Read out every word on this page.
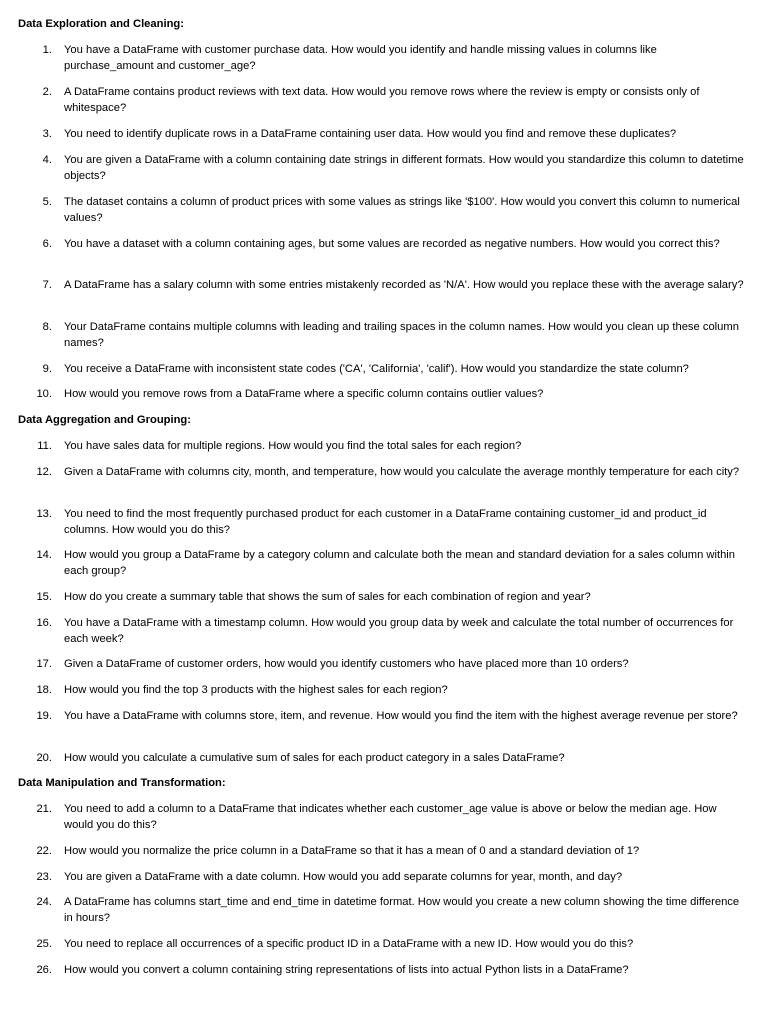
Data Exploration and Cleaning:
1. You have a DataFrame with customer purchase data. How would you identify and handle missing values in columns like purchase_amount and customer_age?
2. A DataFrame contains product reviews with text data. How would you remove rows where the review is empty or consists only of whitespace?
3. You need to identify duplicate rows in a DataFrame containing user data. How would you find and remove these duplicates?
4. You are given a DataFrame with a column containing date strings in different formats. How would you standardize this column to datetime objects?
5. The dataset contains a column of product prices with some values as strings like '$100'. How would you convert this column to numerical values?
6. You have a dataset with a column containing ages, but some values are recorded as negative numbers. How would you correct this?
7. A DataFrame has a salary column with some entries mistakenly recorded as 'N/A'. How would you replace these with the average salary?
8. Your DataFrame contains multiple columns with leading and trailing spaces in the column names. How would you clean up these column names?
9. You receive a DataFrame with inconsistent state codes ('CA', 'California', 'calif'). How would you standardize the state column?
10. How would you remove rows from a DataFrame where a specific column contains outlier values?
Data Aggregation and Grouping:
11. You have sales data for multiple regions. How would you find the total sales for each region?
12. Given a DataFrame with columns city, month, and temperature, how would you calculate the average monthly temperature for each city?
13. You need to find the most frequently purchased product for each customer in a DataFrame containing customer_id and product_id columns. How would you do this?
14. How would you group a DataFrame by a category column and calculate both the mean and standard deviation for a sales column within each group?
15. How do you create a summary table that shows the sum of sales for each combination of region and year?
16. You have a DataFrame with a timestamp column. How would you group data by week and calculate the total number of occurrences for each week?
17. Given a DataFrame of customer orders, how would you identify customers who have placed more than 10 orders?
18. How would you find the top 3 products with the highest sales for each region?
19. You have a DataFrame with columns store, item, and revenue. How would you find the item with the highest average revenue per store?
20. How would you calculate a cumulative sum of sales for each product category in a sales DataFrame?
Data Manipulation and Transformation:
21. You need to add a column to a DataFrame that indicates whether each customer_age value is above or below the median age. How would you do this?
22. How would you normalize the price column in a DataFrame so that it has a mean of 0 and a standard deviation of 1?
23. You are given a DataFrame with a date column. How would you add separate columns for year, month, and day?
24. A DataFrame has columns start_time and end_time in datetime format. How would you create a new column showing the time difference in hours?
25. You need to replace all occurrences of a specific product ID in a DataFrame with a new ID. How would you do this?
26. How would you convert a column containing string representations of lists into actual Python lists in a DataFrame?
